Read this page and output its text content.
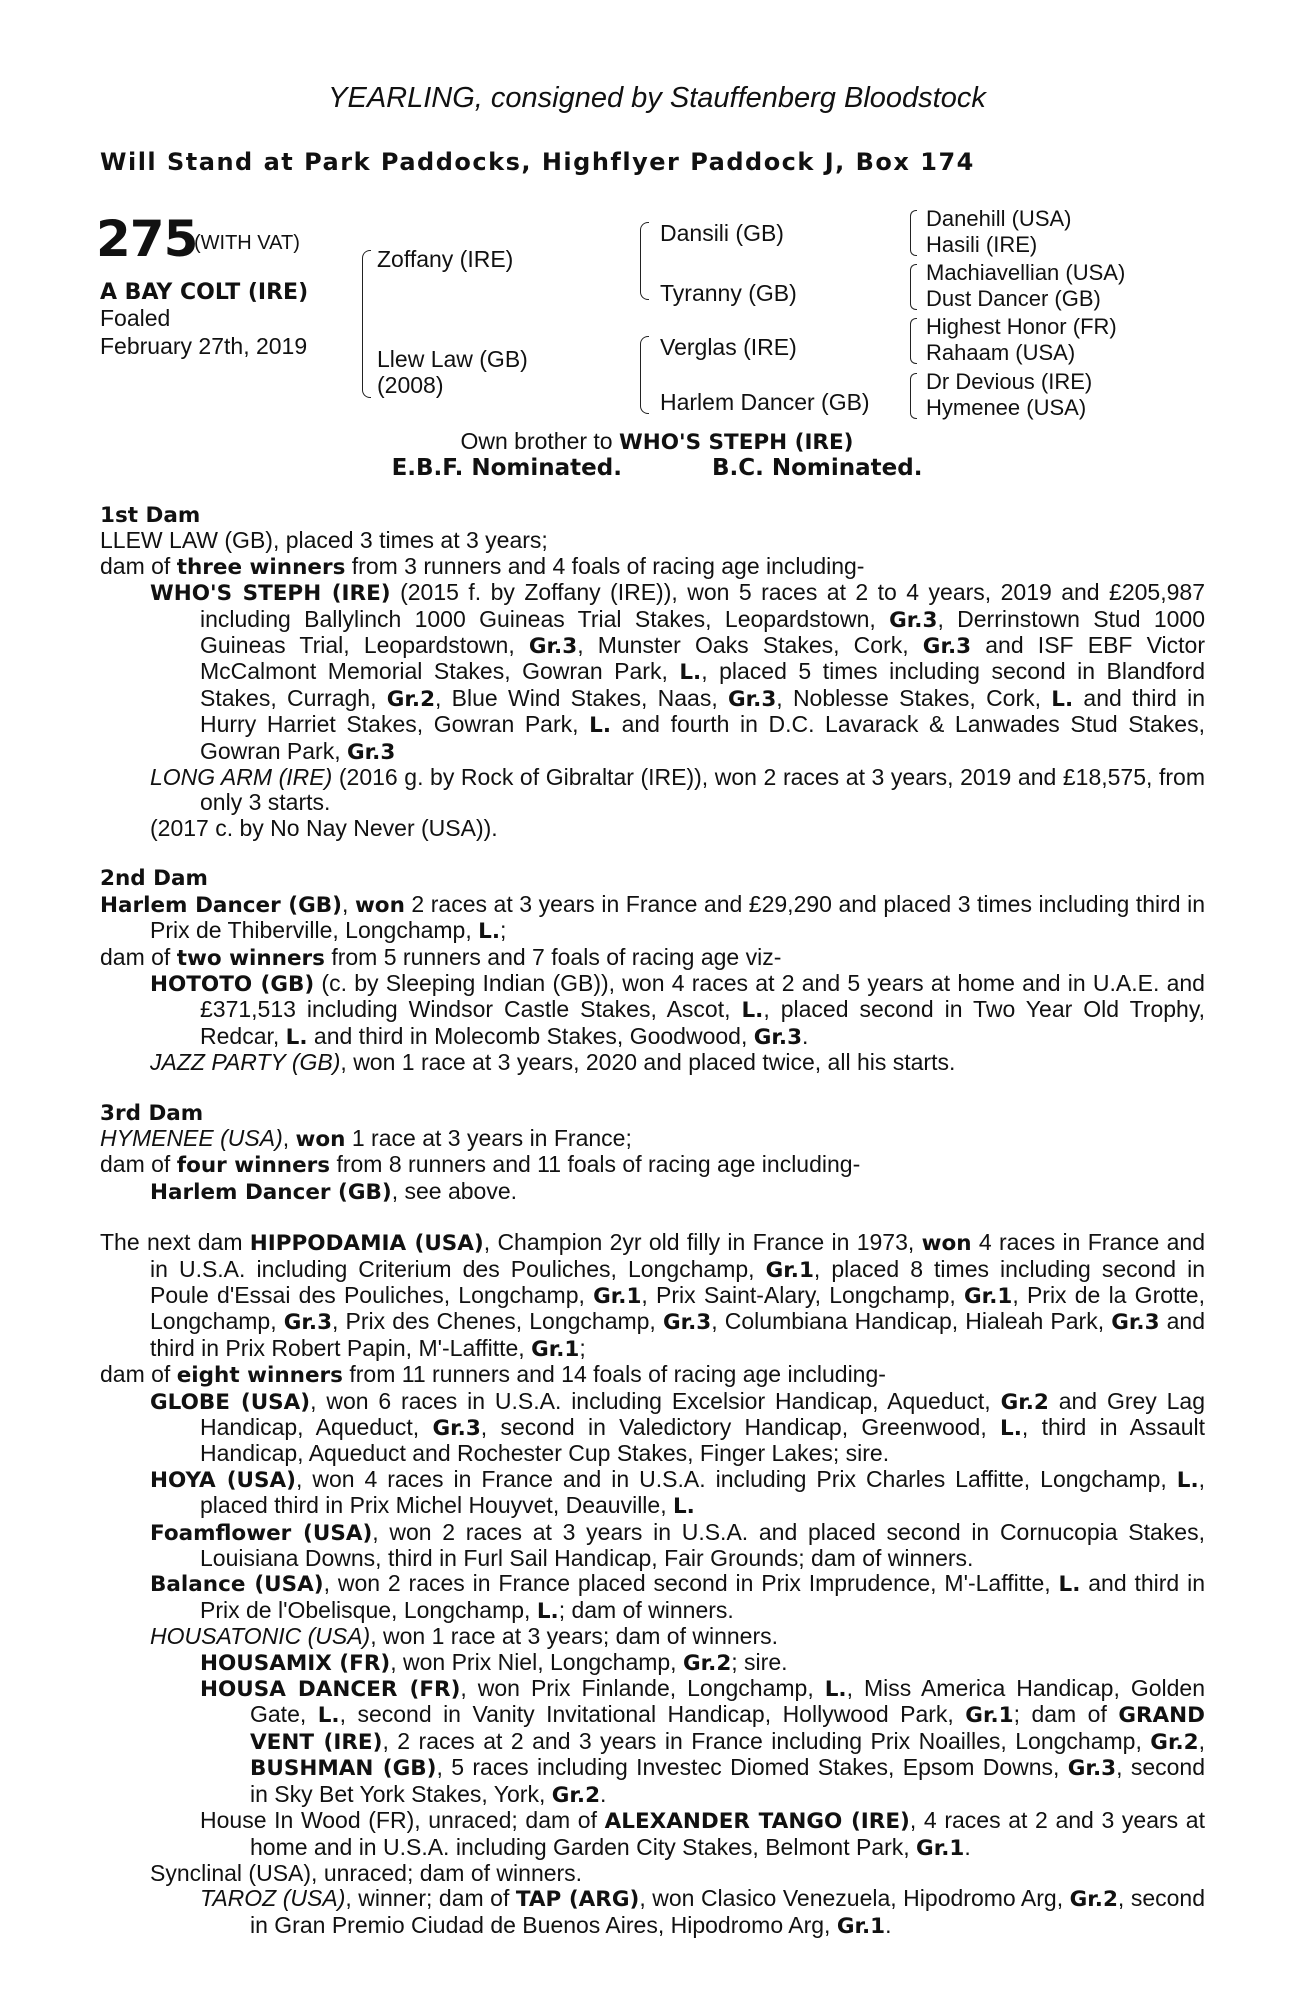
YEARLING, consigned by Stauffenberg Bloodstock
Will Stand at Park Paddocks, Highflyer Paddock J, Box 174
275
(WITH VAT)
A BAY COLT (IRE)
Foaled
February 27th, 2019
Zoffany (IRE)
Llew Law (GB)
(2008)
Dansili (GB)
Tyranny (GB)
Verglas (IRE)
Harlem Dancer (GB)
Danehill (USA)
Hasili (IRE)
Machiavellian (USA)
Dust Dancer (GB)
Highest Honor (FR)
Rahaam (USA)
Dr Devious (IRE)
Hymenee (USA)
Own brother to WHO'S STEPH (IRE)
E.B.F. Nominated.	B.C. Nominated.

1st Dam

LLEW LAW (GB), placed 3 times at 3 years;

dam of three winners from 3 runners and 4 foals of racing age including-

WHO'S STEPH (IRE) (2015 f. by Zoffany (IRE)), won 5 races at 2 to 4 years, 2019 and £205,987 including Ballylinch 1000 Guineas Trial Stakes, Leopardstown, Gr.3, Derrinstown Stud 1000 Guineas Trial, Leopardstown, Gr.3, Munster Oaks Stakes, Cork, Gr.3 and ISF EBF Victor McCalmont Memorial Stakes, Gowran Park, L., placed 5 times including second in Blandford Stakes, Curragh, Gr.2, Blue Wind Stakes, Naas, Gr.3, Noblesse Stakes, Cork, L. and third in Hurry Harriet Stakes, Gowran Park, L. and fourth in D.C. Lavarack & Lanwades Stud Stakes, Gowran Park, Gr.3

LONG ARM (IRE) (2016 g. by Rock of Gibraltar (IRE)), won 2 races at 3 years, 2019 and £18,575, from only 3 starts.

(2017 c. by No Nay Never (USA)).

2nd Dam

Harlem Dancer (GB), won 2 races at 3 years in France and £29,290 and placed 3 times including third in Prix de Thiberville, Longchamp, L.;

dam of two winners from 5 runners and 7 foals of racing age viz-

HOTOTO (GB) (c. by Sleeping Indian (GB)), won 4 races at 2 and 5 years at home and in U.A.E. and £371,513 including Windsor Castle Stakes, Ascot, L., placed second in Two Year Old Trophy, Redcar, L. and third in Molecomb Stakes, Goodwood, Gr.3.

JAZZ PARTY (GB), won 1 race at 3 years, 2020 and placed twice, all his starts.

3rd Dam

HYMENEE (USA), won 1 race at 3 years in France;

dam of four winners from 8 runners and 11 foals of racing age including-

Harlem Dancer (GB), see above.

The next dam HIPPODAMIA (USA), Champion 2yr old filly in France in 1973, won 4 races in France and in U.S.A. including Criterium des Pouliches, Longchamp, Gr.1, placed 8 times including second in Poule d'Essai des Pouliches, Longchamp, Gr.1, Prix Saint-Alary, Longchamp, Gr.1, Prix de la Grotte, Longchamp, Gr.3, Prix des Chenes, Longchamp, Gr.3, Columbiana Handicap, Hialeah Park, Gr.3 and third in Prix Robert Papin, M'-Laffitte, Gr.1;

dam of eight winners from 11 runners and 14 foals of racing age including-

GLOBE (USA), won 6 races in U.S.A. including Excelsior Handicap, Aqueduct, Gr.2 and Grey Lag Handicap, Aqueduct, Gr.3, second in Valedictory Handicap, Greenwood, L., third in Assault Handicap, Aqueduct and Rochester Cup Stakes, Finger Lakes; sire.

HOYA (USA), won 4 races in France and in U.S.A. including Prix Charles Laffitte, Longchamp, L., placed third in Prix Michel Houyvet, Deauville, L.

Foamflower (USA), won 2 races at 3 years in U.S.A. and placed second in Cornucopia Stakes, Louisiana Downs, third in Furl Sail Handicap, Fair Grounds; dam of winners.

Balance (USA), won 2 races in France placed second in Prix Imprudence, M'-Laffitte, L. and third in Prix de l'Obelisque, Longchamp, L.; dam of winners.

HOUSATONIC (USA), won 1 race at 3 years; dam of winners.

HOUSAMIX (FR), won Prix Niel, Longchamp, Gr.2; sire.

HOUSA DANCER (FR), won Prix Finlande, Longchamp, L., Miss America Handicap, Golden Gate, L., second in Vanity Invitational Handicap, Hollywood Park, Gr.1; dam of GRAND VENT (IRE), 2 races at 2 and 3 years in France including Prix Noailles, Longchamp, Gr.2, BUSHMAN (GB), 5 races including Investec Diomed Stakes, Epsom Downs, Gr.3, second in Sky Bet York Stakes, York, Gr.2.

House In Wood (FR), unraced; dam of ALEXANDER TANGO (IRE), 4 races at 2 and 3 years at home and in U.S.A. including Garden City Stakes, Belmont Park, Gr.1.

Synclinal (USA), unraced; dam of winners.

TAROZ (USA), winner; dam of TAP (ARG), won Clasico Venezuela, Hipodromo Arg, Gr.2, second in Gran Premio Ciudad de Buenos Aires, Hipodromo Arg, Gr.1.
